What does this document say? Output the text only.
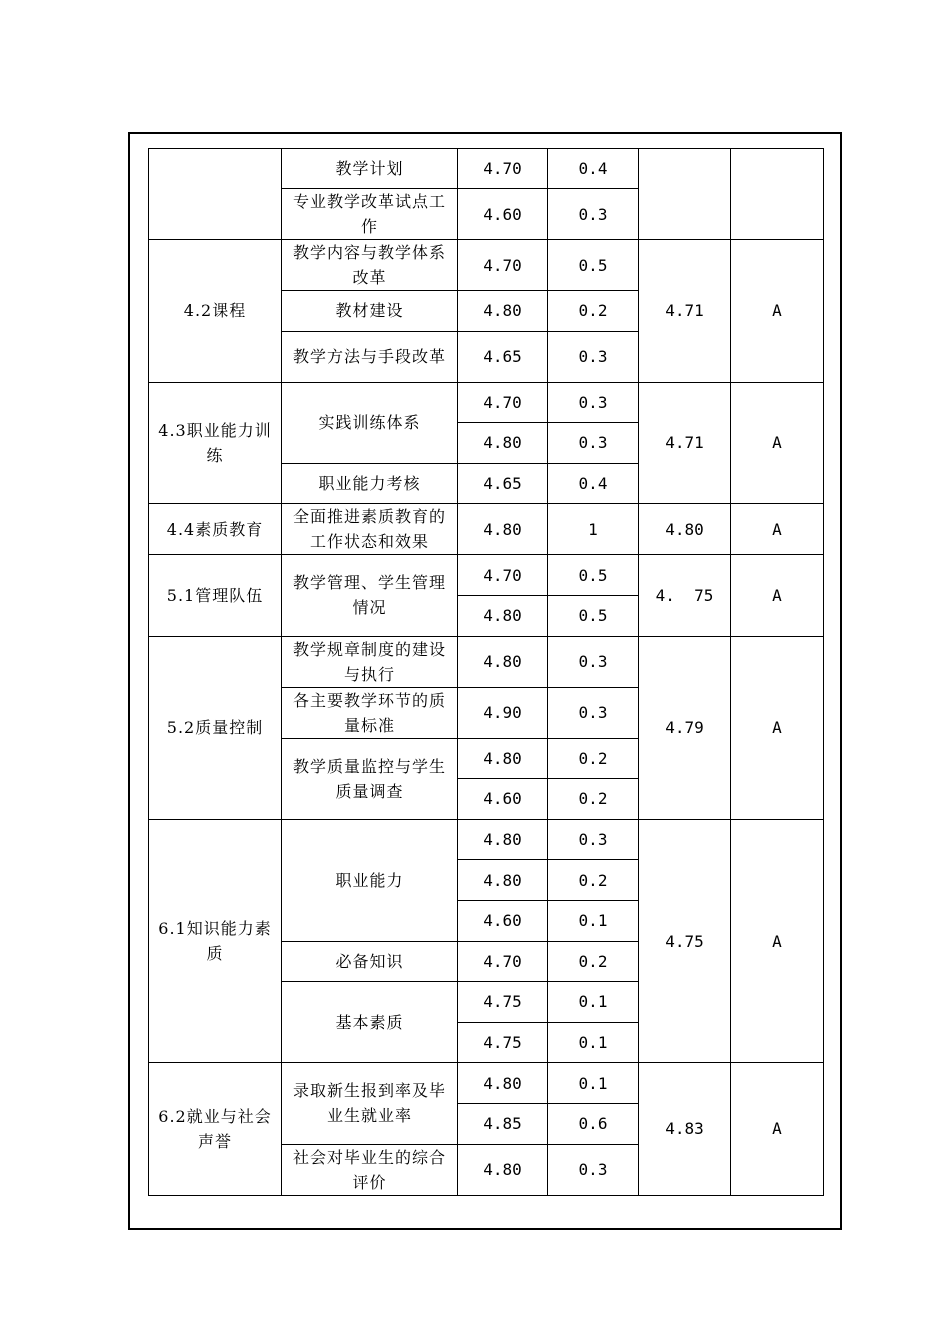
	教学计划	4.70	0.4		
	专业教学改革试点工作	4.60	0.3		
4.2课程	教学内容与教学体系改革	4.70	0.5	4.71	A
	教材建设	4.80	0.2		
	教学方法与手段改革	4.65	0.3		
4.3职业能力训练	实践训练体系	4.70	0.3	4.71	A
		4.80	0.3		
	职业能力考核	4.65	0.4		
4.4素质教育	全面推进素质教育的工作状态和效果	4.80	1	4.80	A
5.1管理队伍	教学管理、学生管理情况	4.70	0.5	4.  75	A
		4.80	0.5		
5.2质量控制	教学规章制度的建设与执行	4.80	0.3	4.79	A
	各主要教学环节的质量标准	4.90	0.3		
	教学质量监控与学生质量调查	4.80	0.2		
		4.60	0.2		
6.1知识能力素质	职业能力	4.80	0.3	4.75	A
		4.80	0.2		
		4.60	0.1		
	必备知识	4.70	0.2		
	基本素质	4.75	0.1		
		4.75	0.1		
6.2就业与社会声誉	录取新生报到率及毕业生就业率	4.80	0.1	4.83	A
		4.85	0.6		
	社会对毕业生的综合评价	4.80	0.3		
